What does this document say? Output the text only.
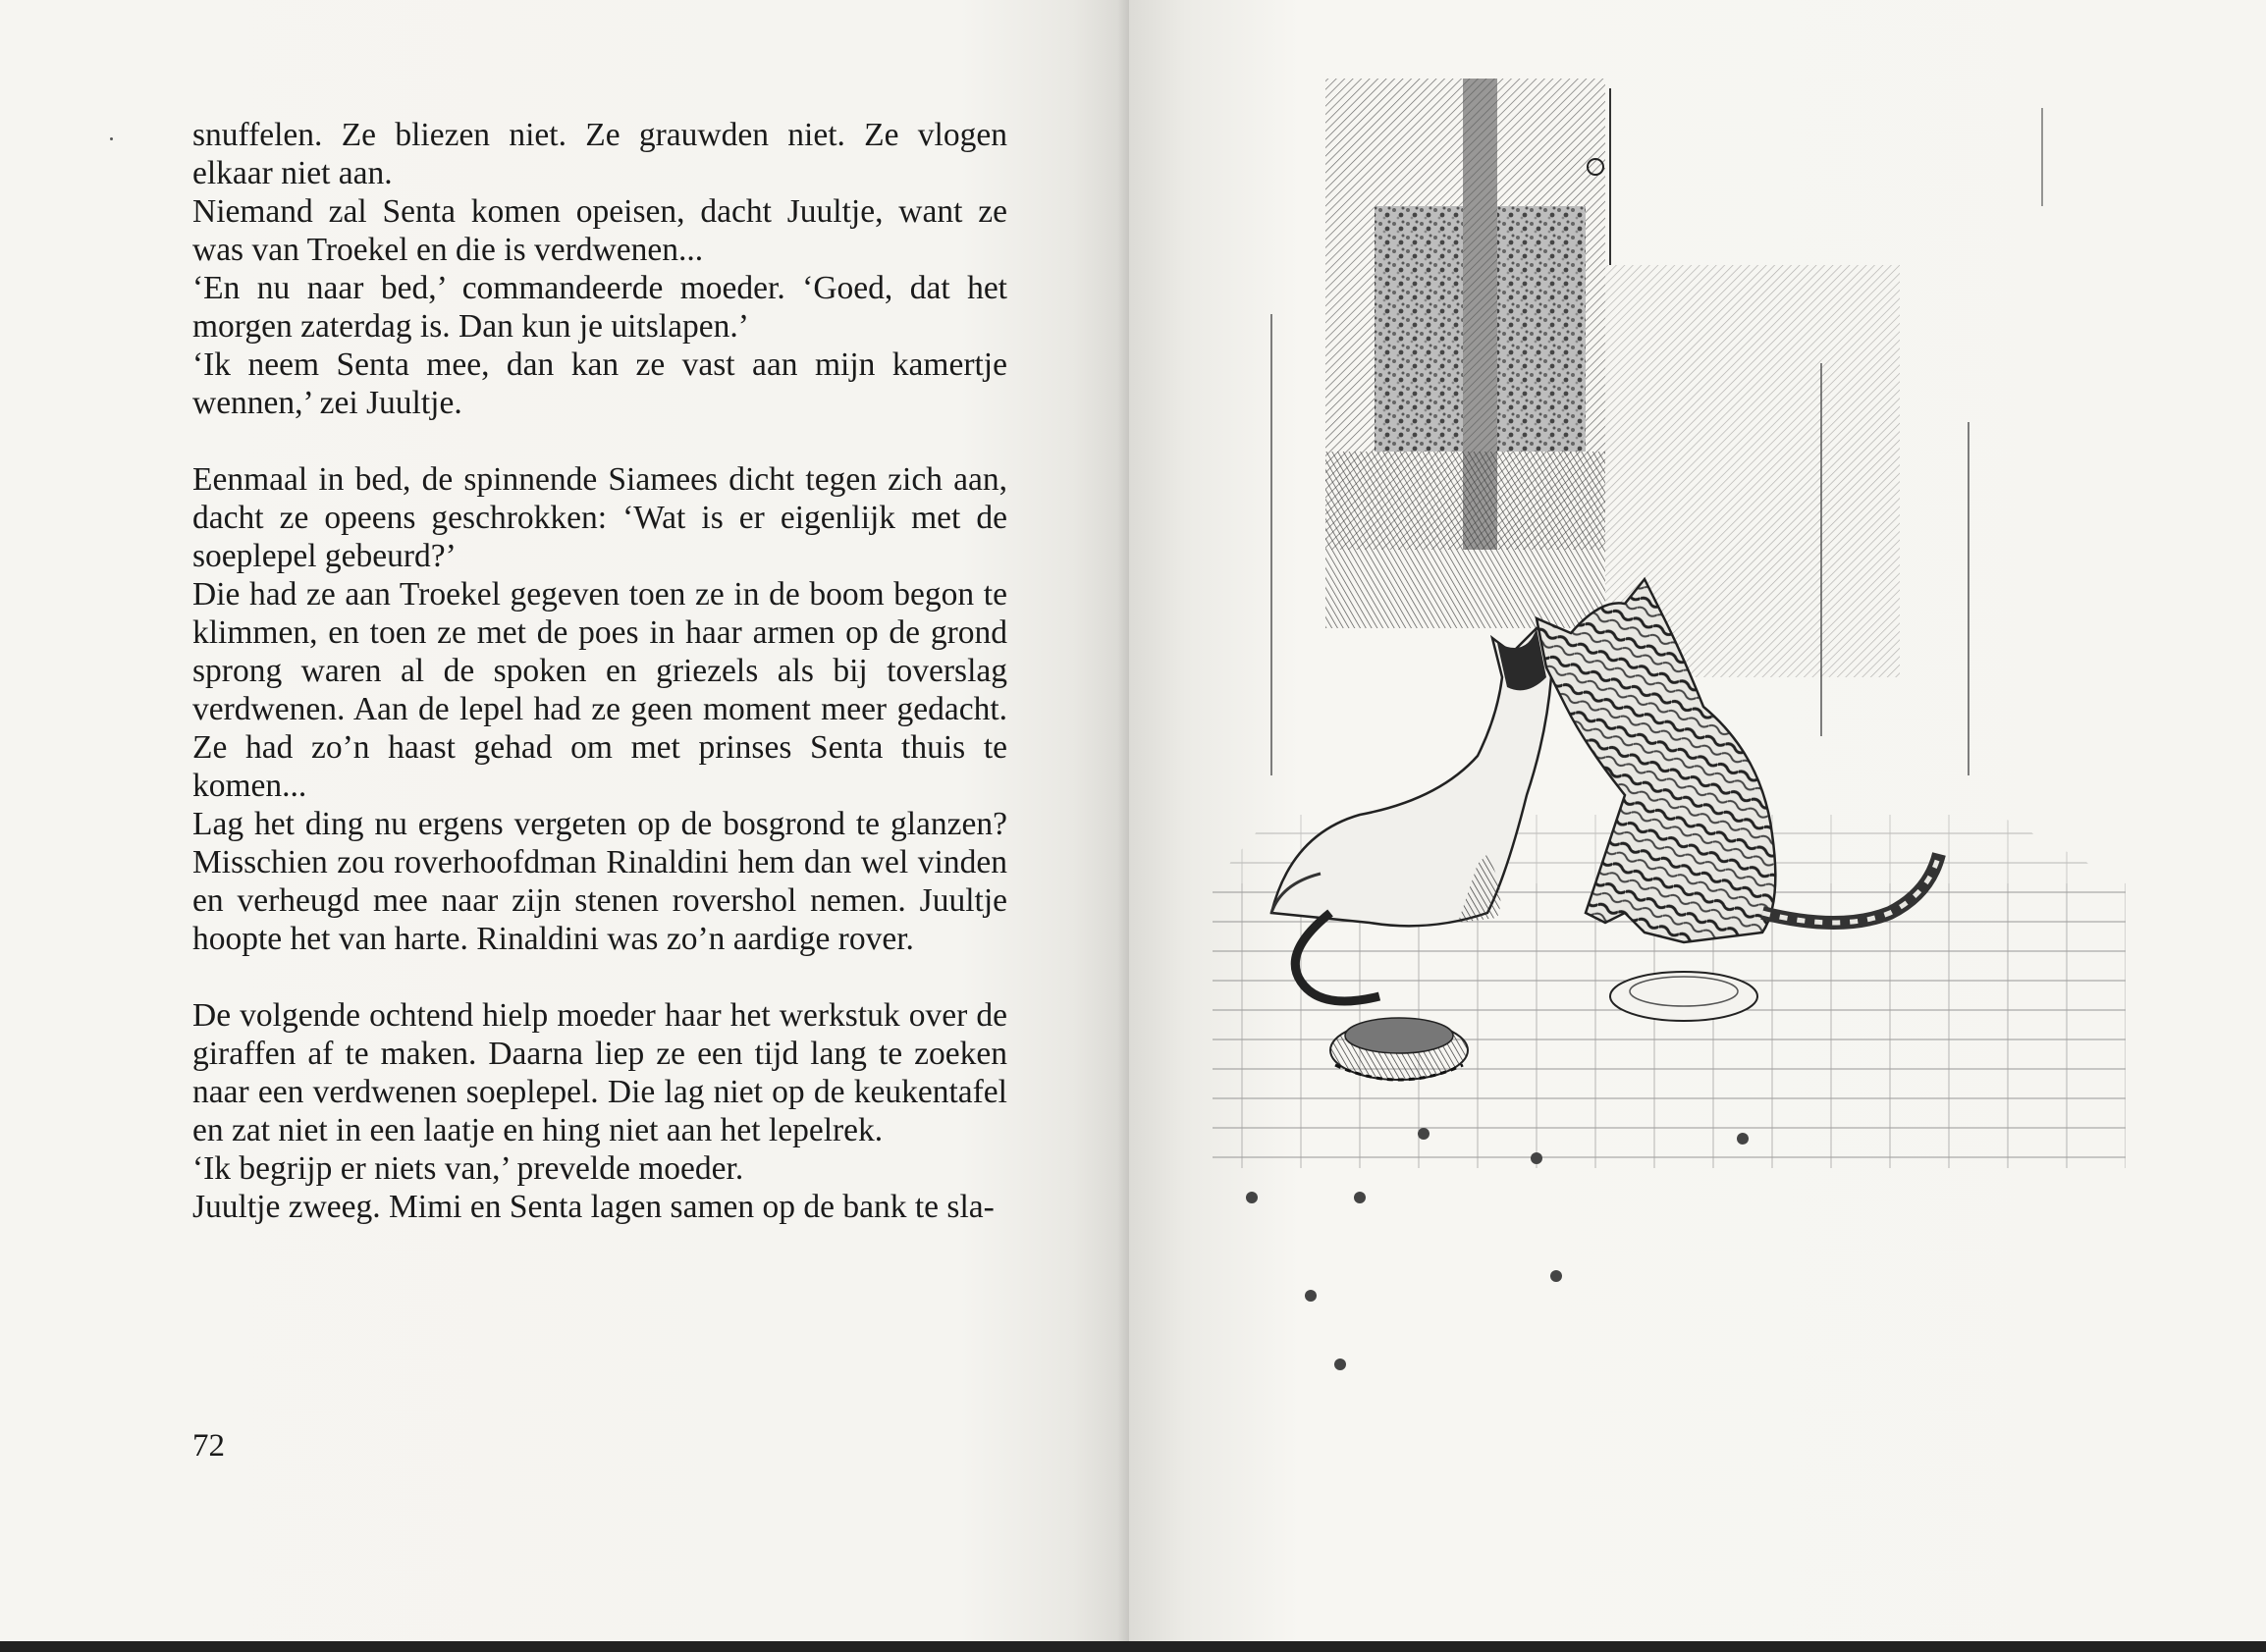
snuffelen. Ze bliezen niet. Ze grauwden niet. Ze vlogen elkaar niet aan.

Niemand zal Senta komen opeisen, dacht Juultje, want ze was van Troekel en die is verdwenen...

‘En nu naar bed,’ commandeerde moeder. ‘Goed, dat het morgen zaterdag is. Dan kun je uitslapen.’

‘Ik neem Senta mee, dan kan ze vast aan mijn kamertje wennen,’ zei Juultje.

Eenmaal in bed, de spinnende Siamees dicht tegen zich aan, dacht ze opeens geschrokken: ‘Wat is er eigenlijk met de soeplepel gebeurd?’

Die had ze aan Troekel gegeven toen ze in de boom begon te klimmen, en toen ze met de poes in haar armen op de grond sprong waren al de spoken en griezels als bij toverslag verdwenen. Aan de lepel had ze geen moment meer gedacht. Ze had zo’n haast gehad om met prinses Senta thuis te komen...

Lag het ding nu ergens vergeten op de bosgrond te glanzen? Misschien zou roverhoofdman Rinaldini hem dan wel vinden en verheugd mee naar zijn stenen rovershol nemen. Juultje hoopte het van harte. Rinaldini was zo’n aardige rover.

De volgende ochtend hielp moeder haar het werkstuk over de giraffen af te maken. Daarna liep ze een tijd lang te zoeken naar een verdwenen soeplepel. Die lag niet op de keukentafel en zat niet in een laatje en hing niet aan het lepelrek.

‘Ik begrijp er niets van,’ prevelde moeder.

Juultje zweeg. Mimi en Senta lagen samen op de bank te sla-

72
